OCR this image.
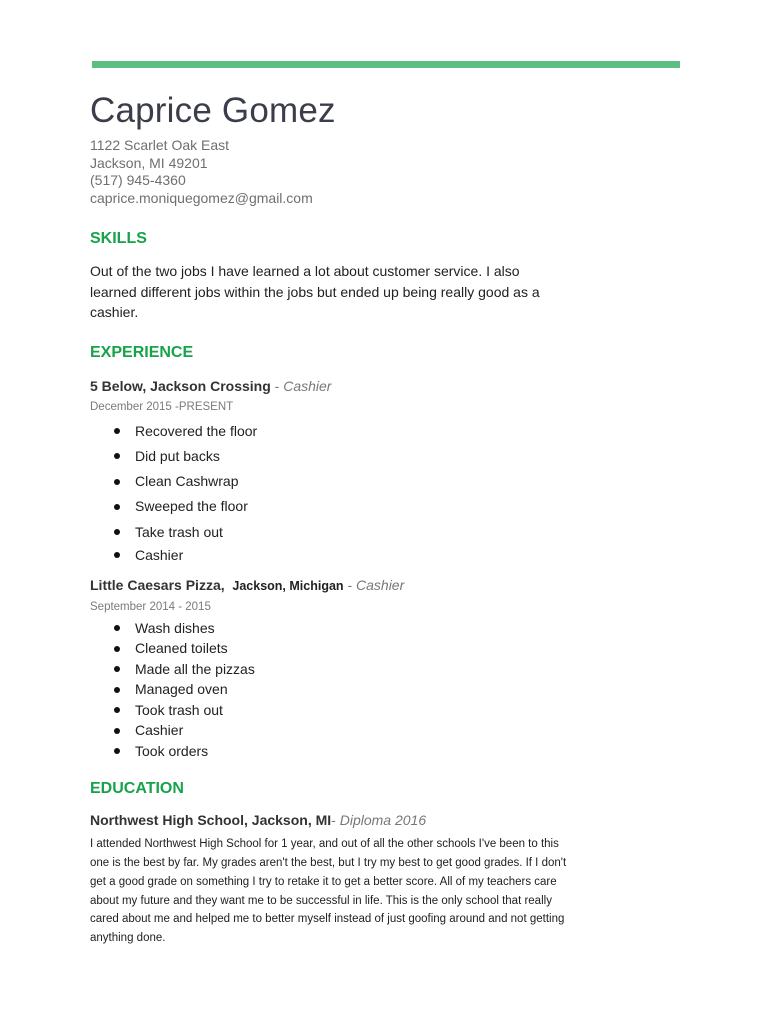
Caprice Gomez
1122 Scarlet Oak East
Jackson, MI 49201
(517) 945-4360
caprice.moniquegomez@gmail.com
SKILLS

Out of the two jobs I have learned a lot about customer service. I also learned different jobs within the jobs but ended up being really good as a cashier.

EXPERIENCE

5 Below, Jackson Crossing - Cashier

December 2015 -PRESENT

Recovered the floor
Did put backs
Clean Cashwrap
Sweeped the floor
Take trash out
Cashier

Little Caesars Pizza, Jackson, Michigan - Cashier

September 2014 - 2015

Wash dishes
Cleaned toilets
Made all the pizzas
Managed oven
Took trash out
Cashier
Took orders
EDUCATION

Northwest High School, Jackson, MI- Diploma 2016

I attended Northwest High School for 1 year, and out of all the other schools I've been to this one is the best by far. My grades aren't the best, but I try my best to get good grades. If I don't get a good grade on something I try to retake it to get a better score. All of my teachers care about my future and they want me to be successful in life. This is the only school that really cared about me and helped me to better myself instead of just goofing around and not getting anything done.
